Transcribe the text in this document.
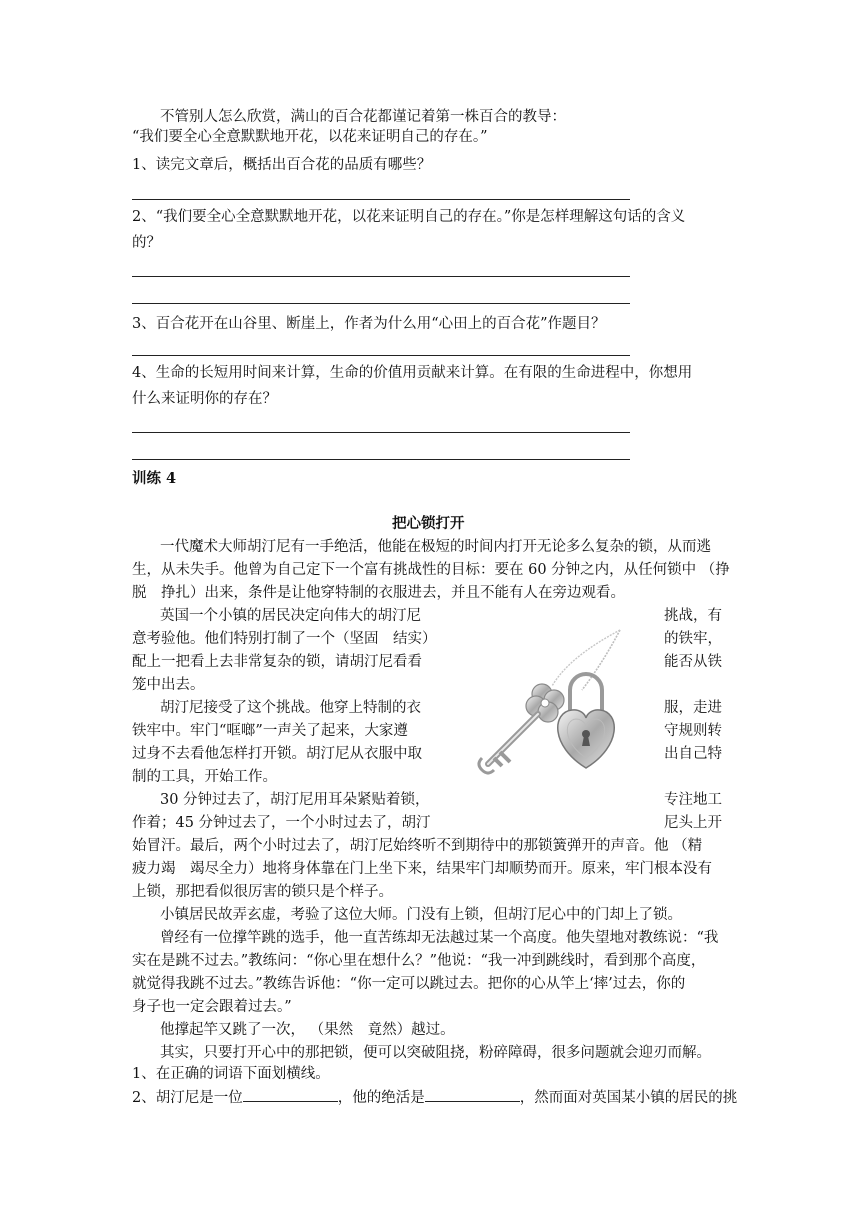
不管别人怎么欣赏，满山的百合花都谨记着第一株百合的教导：
“我们要全心全意默默地开花，以花来证明自己的存在。”
1、读完文章后，概括出百合花的品质有哪些？
2、“我们要全心全意默默地开花，以花来证明自己的存在。”你是怎样理解这句话的含义
的？
3、百合花开在山谷里、断崖上，作者为什么用“心田上的百合花”作题目？
4、生命的长短用时间来计算，生命的价值用贡献来计算。在有限的生命进程中，你想用
什么来证明你的存在？
训练 4
把心锁打开
一代魔术大师胡汀尼有一手绝活，他能在极短的时间内打开无论多么复杂的锁，从而逃
生，从未失手。他曾为自己定下一个富有挑战性的目标：要在 60 分钟之内，从任何锁中 （挣
脱　挣扎）出来，条件是让他穿特制的衣服进去，并且不能有人在旁边观看。
英国一个小镇的居民决定向伟大的胡汀尼	挑战，有
意考验他。他们特别打制了一个（坚固　结实）	的铁牢，
配上一把看上去非常复杂的锁，请胡汀尼看看	能否从铁
笼中出去。
胡汀尼接受了这个挑战。他穿上特制的衣	服，走进
铁牢中。牢门“哐啷”一声关了起来，大家遵	守规则转
过身不去看他怎样打开锁。胡汀尼从衣服中取	出自己特
制的工具，开始工作。
30 分钟过去了，胡汀尼用耳朵紧贴着锁，	专注地工
作着；45 分钟过去了，一个小时过去了，胡汀	尼头上开
始冒汗。最后，两个小时过去了，胡汀尼始终听不到期待中的那锁簧弹开的声音。他 （精
疲力竭　竭尽全力）地将身体靠在门上坐下来，结果牢门却顺势而开。原来，牢门根本没有
上锁，那把看似很厉害的锁只是个样子。
小镇居民故弄玄虚，考验了这位大师。门没有上锁，但胡汀尼心中的门却上了锁。
曾经有一位撑竿跳的选手，他一直苦练却无法越过某一个高度。他失望地对教练说：“我
实在是跳不过去。”教练问：“你心里在想什么？”他说：“我一冲到跳线时，看到那个高度，
就觉得我跳不过去。”教练告诉他：“你一定可以跳过去。把你的心从竿上‘摔’过去，你的
身子也一定会跟着过去。”
他撑起竿又跳了一次， （果然　竟然）越过。
其实，只要打开心中的那把锁，便可以突破阻挠，粉碎障碍，很多问题就会迎刃而解。
1、在正确的词语下面划横线。
2、胡汀尼是一位	，他的绝活是	，然而面对英国某小镇的居民的挑
